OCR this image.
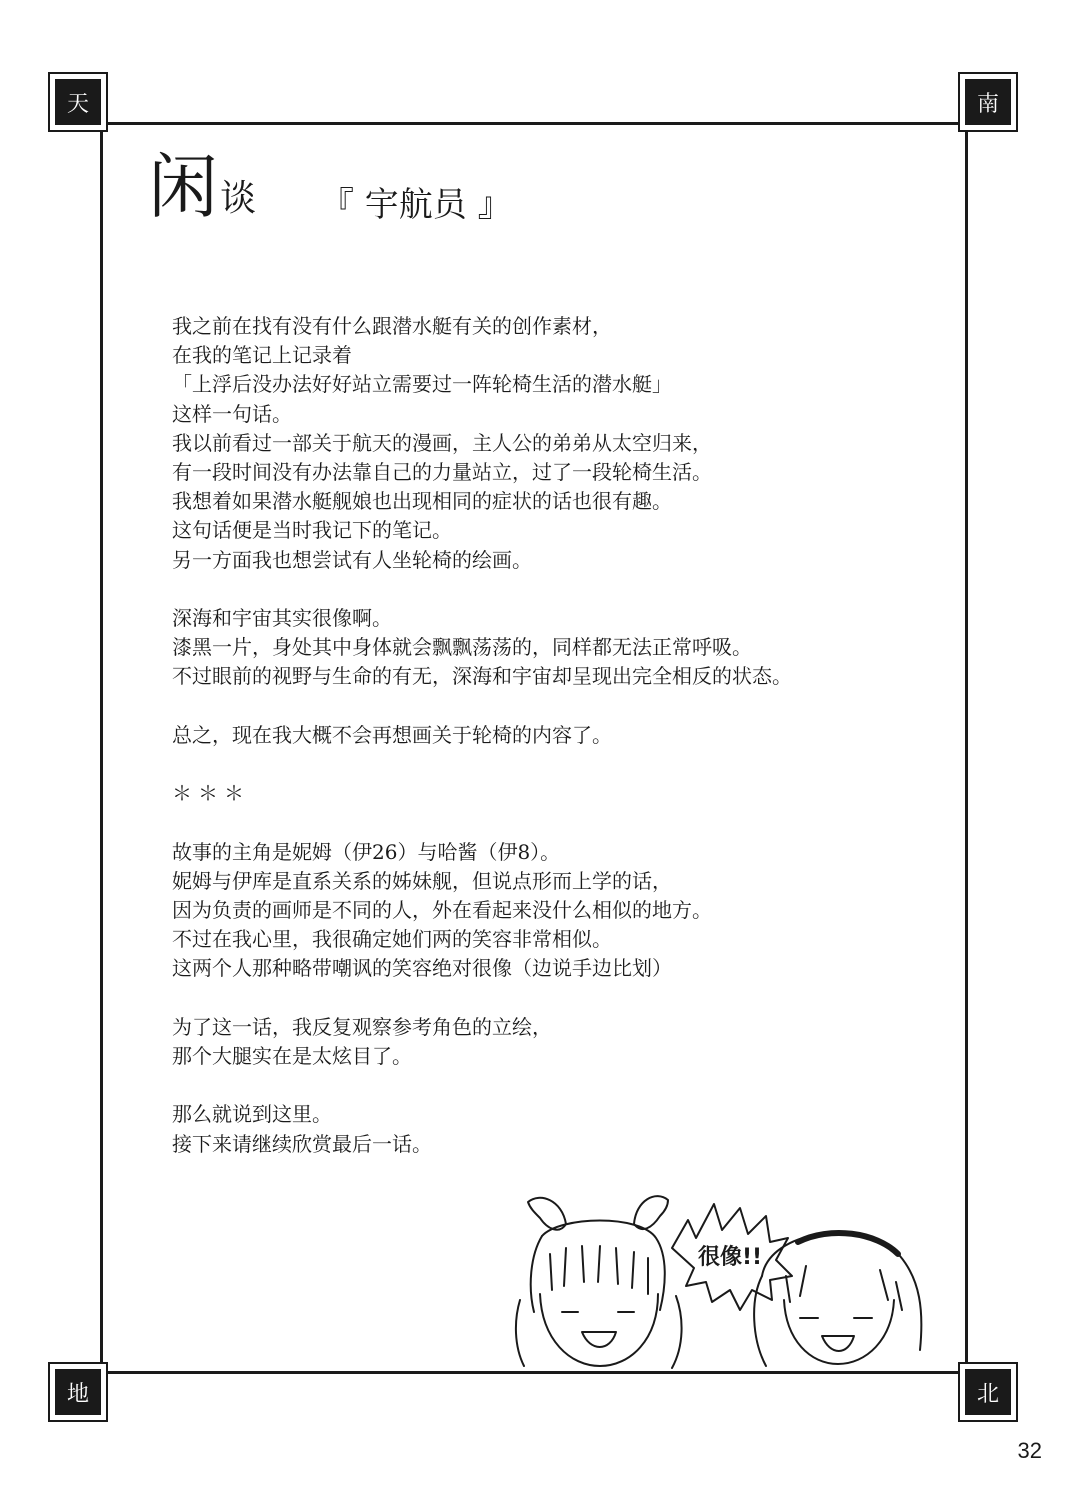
天	南
地	北
闲 谈 『 宇航员 』

我之前在找有没有什么跟潜水艇有关的创作素材，

在我的笔记上记录着

「上浮后没办法好好站立需要过一阵轮椅生活的潜水艇」

这样一句话。

我以前看过一部关于航天的漫画，主人公的弟弟从太空归来，

有一段时间没有办法靠自己的力量站立，过了一段轮椅生活。

我想着如果潜水艇舰娘也出现相同的症状的话也很有趣。

这句话便是当时我记下的笔记。

另一方面我也想尝试有人坐轮椅的绘画。

深海和宇宙其实很像啊。

漆黑一片，身处其中身体就会飘飘荡荡的，同样都无法正常呼吸。

不过眼前的视野与生命的有无，深海和宇宙却呈现出完全相反的状态。

总之，现在我大概不会再想画关于轮椅的内容了。

＊＊＊

故事的主角是妮姆（伊26）与哈酱（伊8）。

妮姆与伊库是直系关系的姊妹舰，但说点形而上学的话，

因为负责的画师是不同的人，外在看起来没什么相似的地方。

不过在我心里，我很确定她们两的笑容非常相似。

这两个人那种略带嘲讽的笑容绝对很像（边说手边比划）

为了这一话，我反复观察参考角色的立绘，

那个大腿实在是太炫目了。

那么就说到这里。

接下来请继续欣赏最后一话。

很像!!
32
